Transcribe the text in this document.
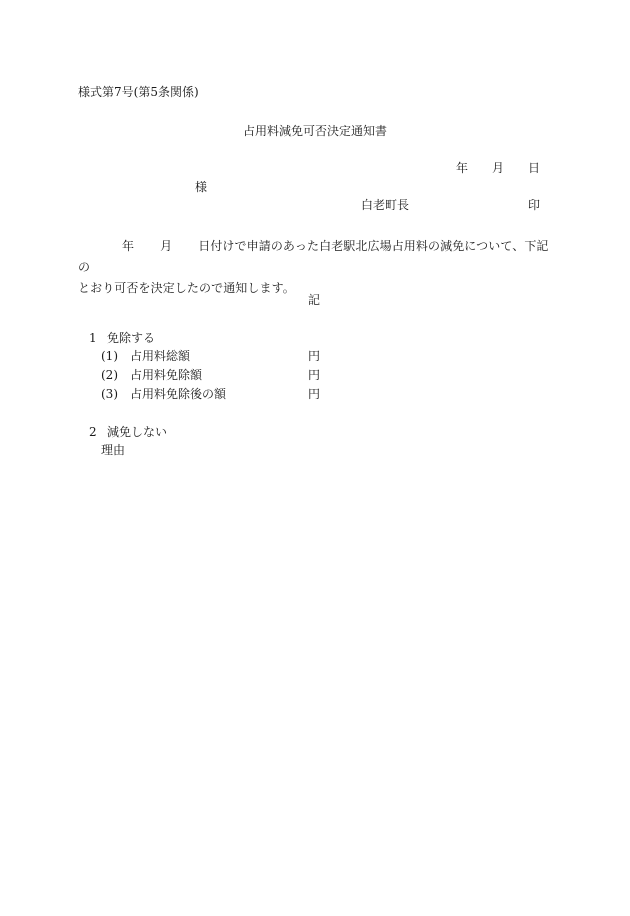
様式第7号(第5条関係)
占用料減免可否決定通知書
年 月 日
様
白老町長	印
年 月 日付けで申請のあった白老駅北広場占用料の減免について、下記の
とおり可否を決定したので通知します。
記
1 免除する
(1) 占用料総額	円
(2) 占用料免除額	円
(3) 占用料免除後の額	円
2 減免しない
理由
